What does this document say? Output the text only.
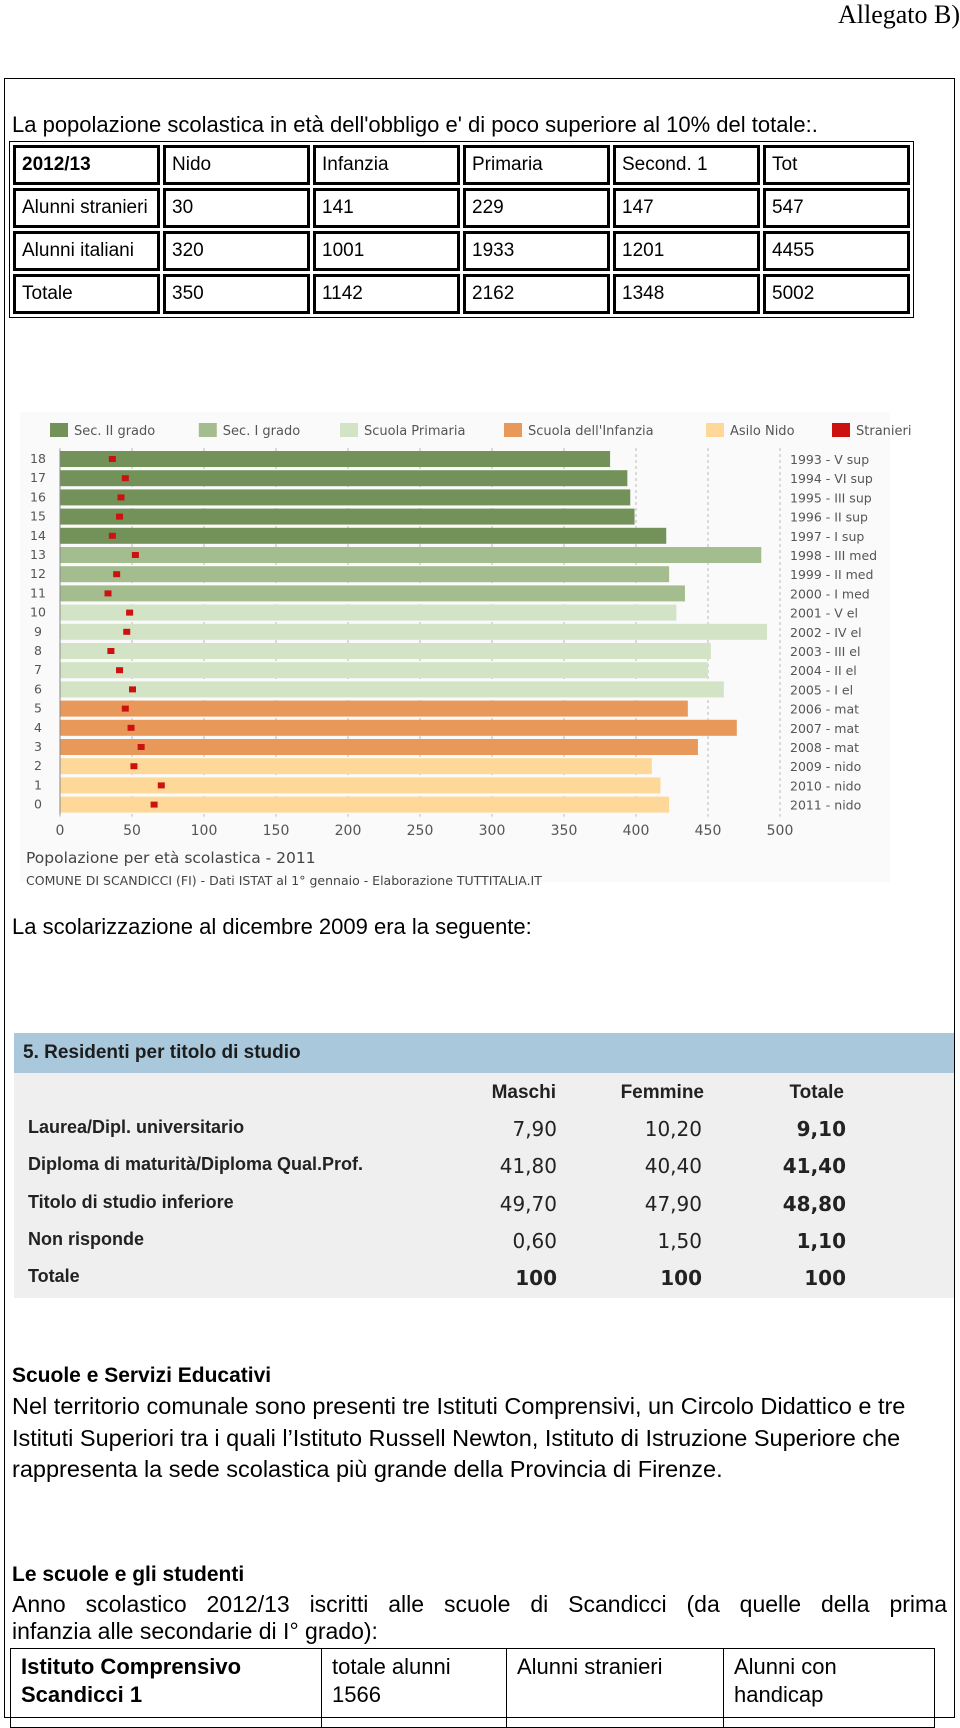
Allegato B)
La popolazione scolastica in età dell'obbligo e' di poco superiore al 10% del totale:.
2012/13	Nido	Infanzia	Primaria	Second. 1	Tot
Alunni stranieri	30	141	229	147	547
Alunni italiani	320	1001	1933	1201	4455
Totale	350	1142	2162	1348	5002
Sec. II grado	Sec. I grado	Scuola Primaria	Scuola dell'Infanzia	Asilo Nido	Stranieri
0	50	100	150	200	250	300	350	400	450	500
18	1993 - V sup
17	1994 - VI sup
16	1995 - III sup
15	1996 - II sup
14	1997 - I sup
13	1998 - III med
12	1999 - II med
11	2000 - I med
10	2001 - V el
9	2002 - IV el
8	2003 - III el
7	2004 - II el
6	2005 - I el
5	2006 - mat
4	2007 - mat
3	2008 - mat
2	2009 - nido
1	2010 - nido
0	2011 - nido
Popolazione per età scolastica - 2011
COMUNE DI SCANDICCI (FI) - Dati ISTAT al 1° gennaio - Elaborazione TUTTITALIA.IT
La scolarizzazione al dicembre 2009 era la seguente:
5. Residenti per titolo di studio
Maschi	Femmine	Totale
Laurea/Dipl. universitario	7,90	10,20	9,10
Diploma di maturità/Diploma Qual.Prof.	41,80	40,40	41,40
Titolo di studio inferiore	49,70	47,90	48,80
Non risponde	0,60	1,50	1,10
Totale	100	100	100
Scuole e Servizi Educativi
Nel territorio comunale sono presenti tre Istituti Comprensivi, un Circolo Didattico e tre Istituti Superiori tra i quali l’Istituto Russell Newton, Istituto di Istruzione Superiore che rappresenta la sede scolastica più grande della Provincia di Firenze.
Le scuole e gli studenti
Anno scolastico 2012/13 iscritti alle scuole di Scandicci (da quelle della prima
infanzia alle secondarie di I° grado):
Istituto Comprensivo Scandicci 1	totale alunni 1566	Alunni stranieri	Alunni con handicap
